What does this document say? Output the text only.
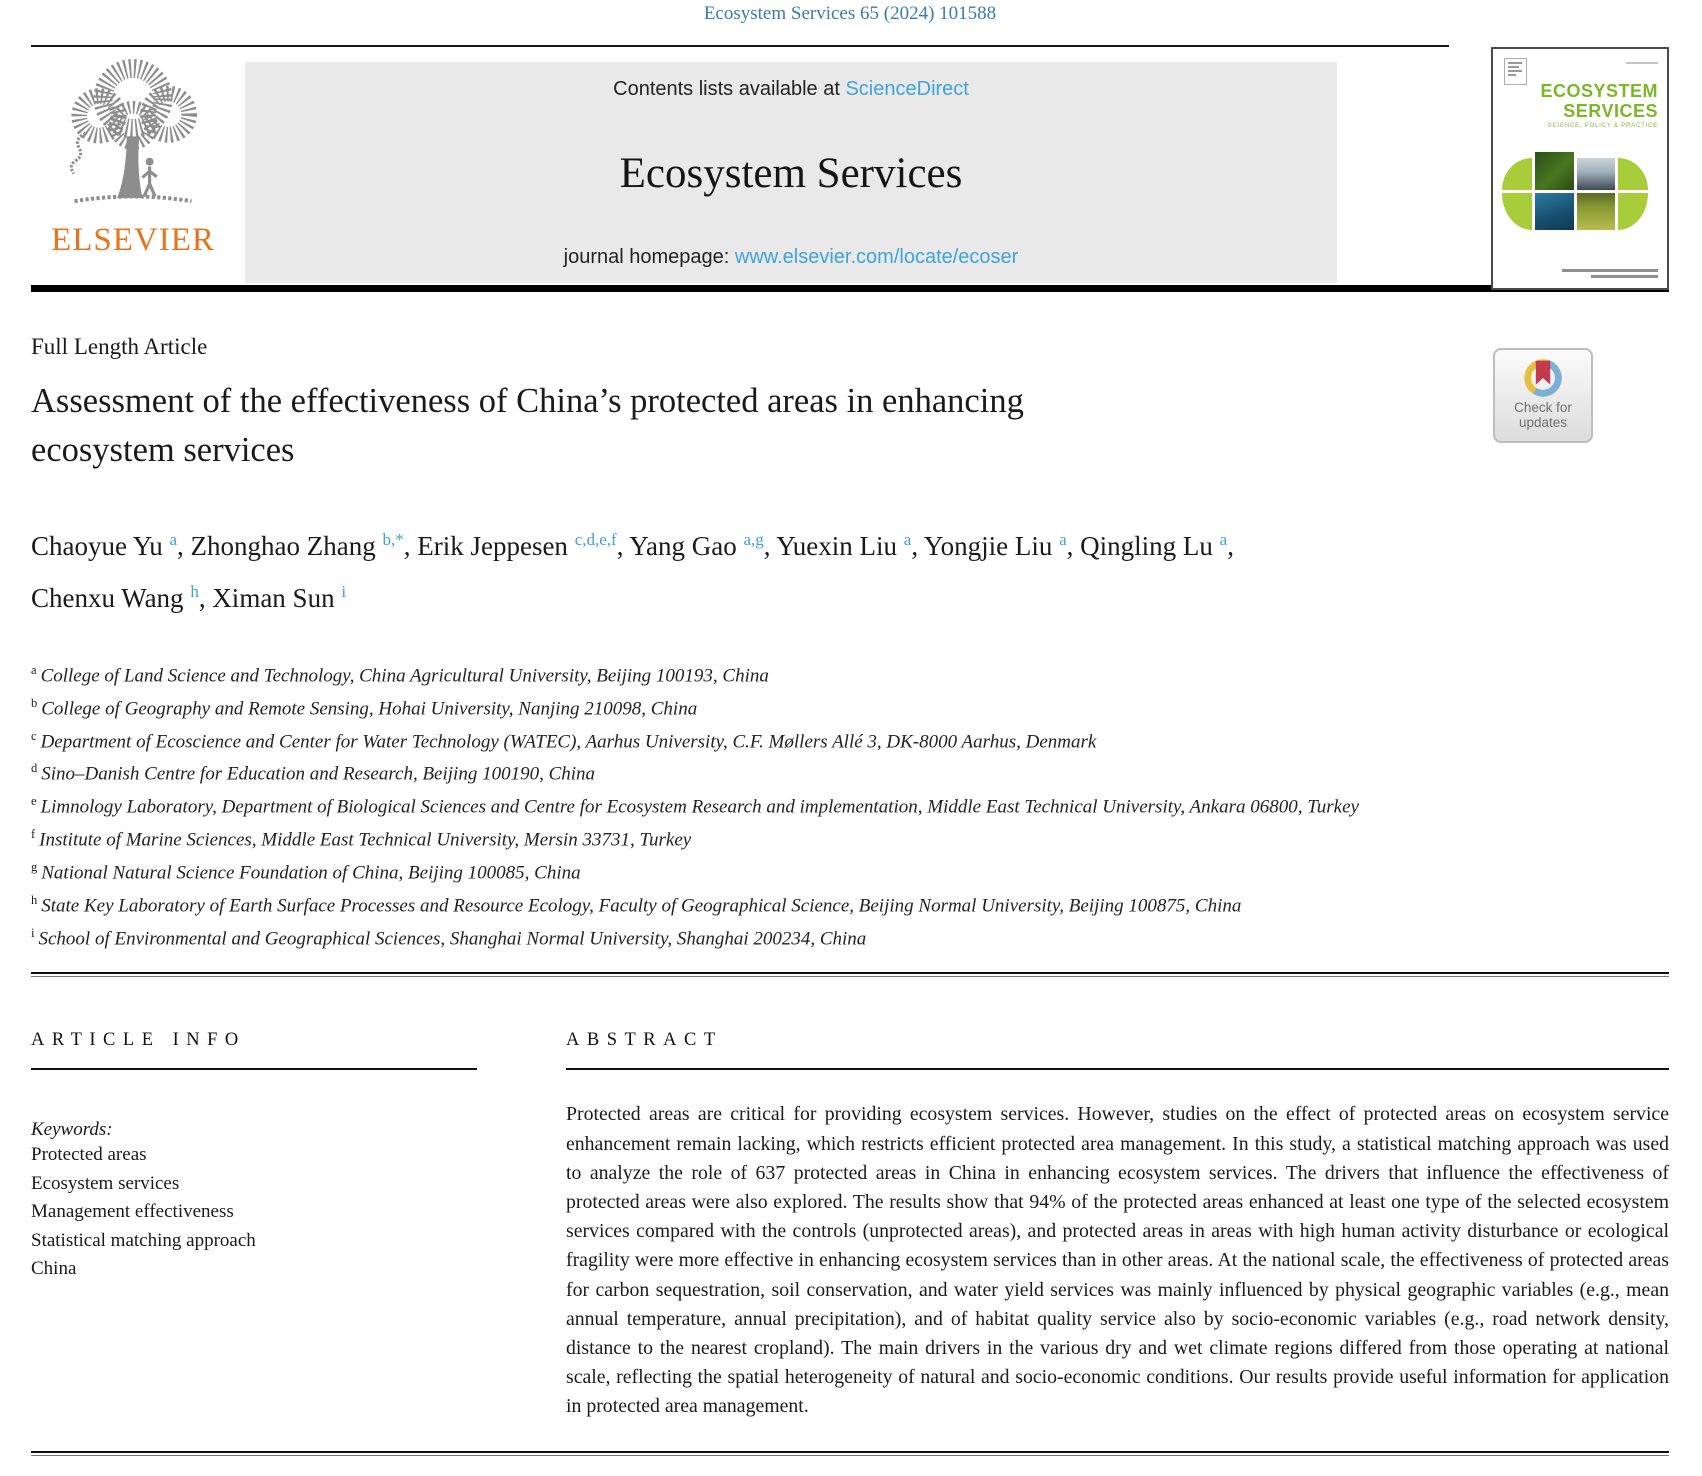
Ecosystem Services 65 (2024) 101588
ELSEVIER
Contents lists available at ScienceDirect
Ecosystem Services
journal homepage: www.elsevier.com/locate/ecoser
ECOSYSTEM
SERVICES
SCIENCE, POLICY & PRACTICE
Full Length Article
Assessment of the effectiveness of China’s protected areas in enhancing
ecosystem services
Check for
updates

Chaoyue Yu $^a$, Zhonghao Zhang $^{b,*}$, Erik Jeppesen $^{c,d,e,f}$, Yang Gao $^{a,g}$, Yuexin Liu $^a$, Yongjie Liu $^a$, Qingling Lu $^a$, Chenxu Wang $^h$, Ximan Sun $^i$

$^a$ College of Land Science and Technology, China Agricultural University, Beijing 100193, China
$^b$ College of Geography and Remote Sensing, Hohai University, Nanjing 210098, China
$^c$ Department of Ecoscience and Center for Water Technology (WATEC), Aarhus University, C.F. Møllers Allé 3, DK-8000 Aarhus, Denmark
$^d$ Sino–Danish Centre for Education and Research, Beijing 100190, China
$^e$ Limnology Laboratory, Department of Biological Sciences and Centre for Ecosystem Research and implementation, Middle East Technical University, Ankara 06800, Turkey
$^f$ Institute of Marine Sciences, Middle East Technical University, Mersin 33731, Turkey
$^g$ National Natural Science Foundation of China, Beijing 100085, China
$^h$ State Key Laboratory of Earth Surface Processes and Resource Ecology, Faculty of Geographical Science, Beijing Normal University, Beijing 100875, China
$^i$ School of Environmental and Geographical Sciences, Shanghai Normal University, Shanghai 200234, China
ARTICLE INFO
Keywords:
Protected areas
Ecosystem services
Management effectiveness
Statistical matching approach
China
ABSTRACT

Protected areas are critical for providing ecosystem services. However, studies on the effect of protected areas on ecosystem service enhancement remain lacking, which restricts efficient protected area management. In this study, a statistical matching approach was used to analyze the role of 637 protected areas in China in enhancing ecosystem services. The drivers that influence the effectiveness of protected areas were also explored. The results show that 94% of the protected areas enhanced at least one type of the selected ecosystem services compared with the controls (unprotected areas), and protected areas in areas with high human activity disturbance or ecological fragility were more effective in enhancing ecosystem services than in other areas. At the national scale, the effectiveness of protected areas for carbon sequestration, soil conservation, and water yield services was mainly influenced by physical geographic variables (e.g., mean annual temperature, annual precipitation), and of habitat quality service also by socio-economic variables (e.g., road network density, distance to the nearest cropland). The main drivers in the various dry and wet climate regions differed from those operating at national scale, reflecting the spatial heterogeneity of natural and socio-economic conditions. Our results provide useful information for application in protected area management.
